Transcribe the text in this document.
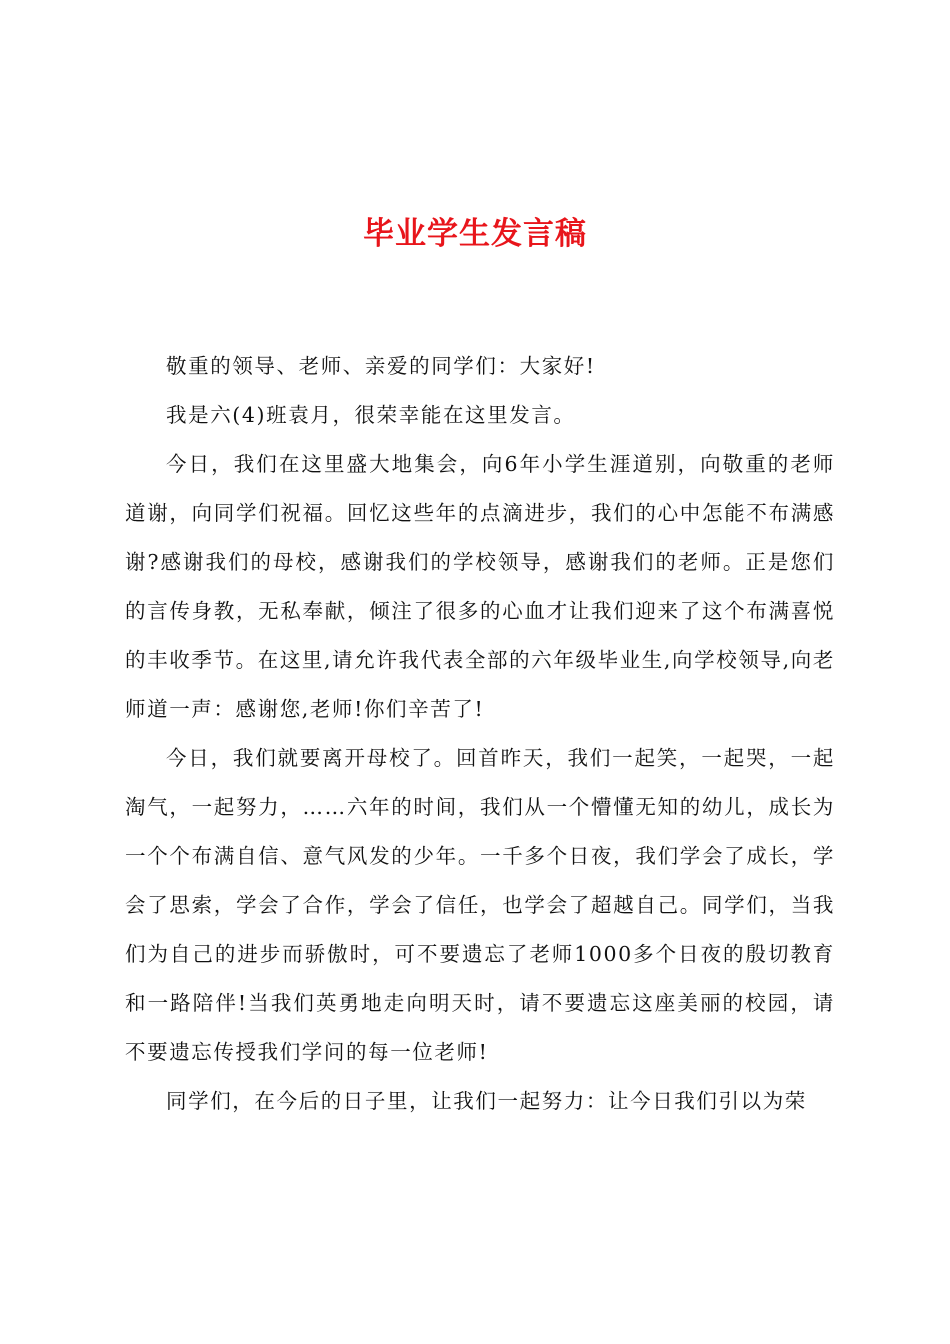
毕业学生发言稿

敬重的领导、老师、亲爱的同学们：大家好!

我是六(4)班袁月，很荣幸能在这里发言。

今日，我们在这里盛大地集会，向6年小学生涯道别，向敬重的老师道谢，向同学们祝福。回忆这些年的点滴进步，我们的心中怎能不布满感谢?感谢我们的母校，感谢我们的学校领导，感谢我们的老师。正是您们的言传身教，无私奉献，倾注了很多的心血才让我们迎来了这个布满喜悦的丰收季节。在这里,请允许我代表全部的六年级毕业生,向学校领导,向老师道一声：感谢您,老师!你们辛苦了!

今日，我们就要离开母校了。回首昨天，我们一起笑，一起哭，一起淘气，一起努力，……六年的时间，我们从一个懵懂无知的幼儿，成长为一个个布满自信、意气风发的少年。一千多个日夜，我们学会了成长，学会了思索，学会了合作，学会了信任，也学会了超越自己。同学们，当我们为自己的进步而骄傲时，可不要遗忘了老师1000多个日夜的殷切教育和一路陪伴!当我们英勇地走向明天时，请不要遗忘这座美丽的校园，请不要遗忘传授我们学问的每一位老师!

同学们，在今后的日子里，让我们一起努力：让今日我们引以为荣
